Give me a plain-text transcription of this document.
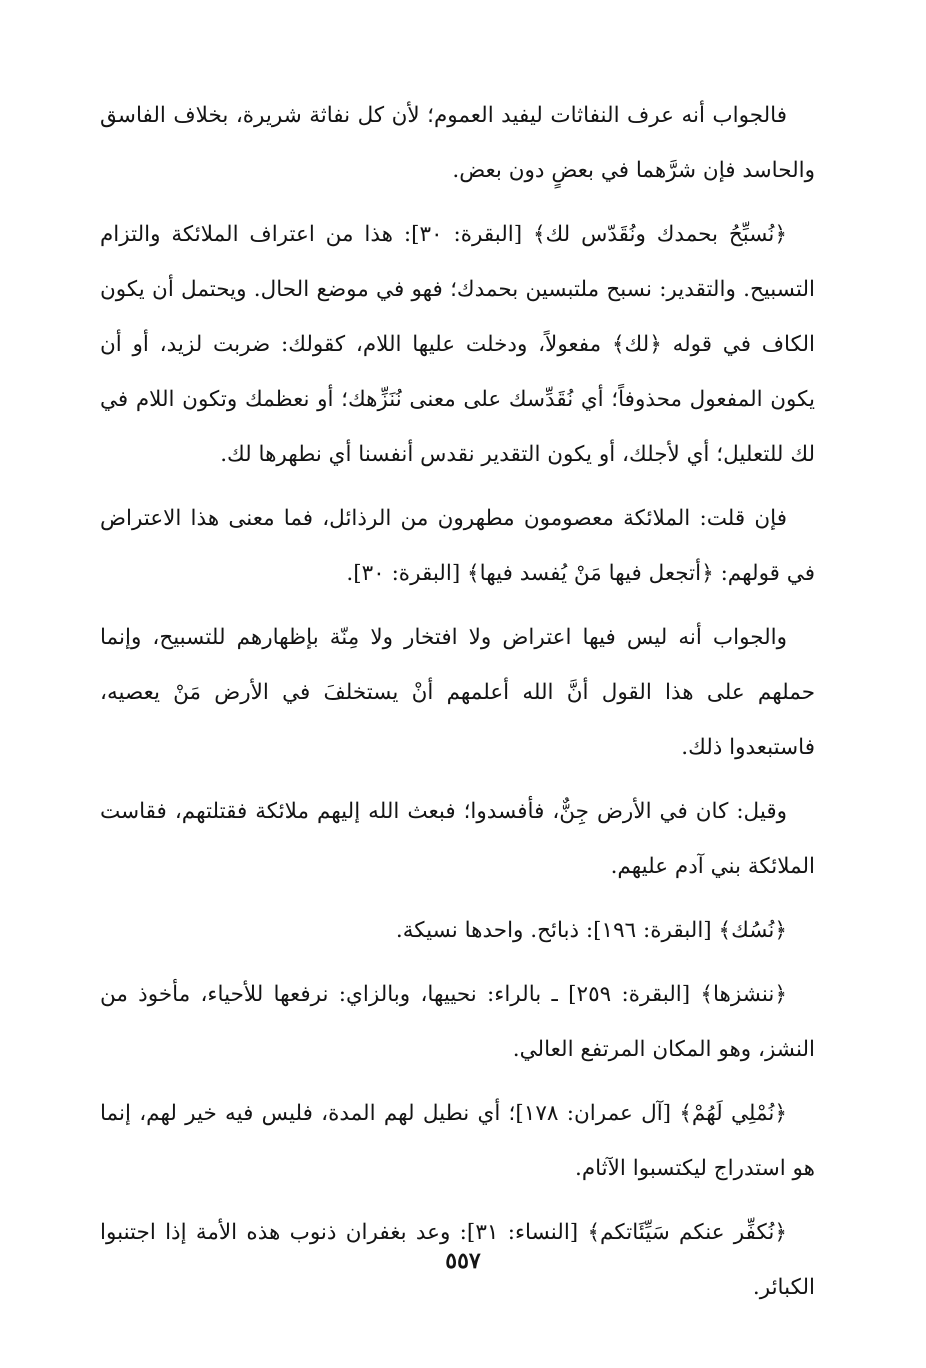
فالجواب أنه عرف النفاثات ليفيد العموم؛ لأن كل نفاثة شريرة، بخلاف الفاسق والحاسد فإن شرَّهما في بعضٍ دون بعض.

﴿نُسبِّحُ بحمدك ونُقَدّس لك﴾ [البقرة: ٣٠]: هذا من اعتراف الملائكة والتزام التسبيح. والتقدير: نسبح ملتبسين بحمدك؛ فهو في موضع الحال. ويحتمل أن يكون الكاف في قوله ﴿لك﴾ مفعولاً، ودخلت عليها اللام، كقولك: ضربت لزيد، أو أن يكون المفعول محذوفاً؛ أي نُقَدِّسك على معنى نُنَزِّهك؛ أو نعظمك وتكون اللام في لك للتعليل؛ أي لأجلك، أو يكون التقدير نقدس أنفسنا أي نطهرها لك.

فإن قلت: الملائكة معصومون مطهرون من الرذائل، فما معنى هذا الاعتراض في قولهم: ﴿أتجعل فيها مَنْ يُفسد فيها﴾ [البقرة: ٣٠].

والجواب أنه ليس فيها اعتراض ولا افتخار ولا مِنّة بإظهارهم للتسبيح، وإنما حملهم على هذا القول أنَّ الله أعلمهم أنْ يستخلفَ في الأرض مَنْ يعصيه، فاستبعدوا ذلك.

وقيل: كان في الأرض جِنٌّ، فأفسدوا؛ فبعث الله إليهم ملائكة فقتلتهم، فقاست الملائكة بني آدم عليهم.

﴿نُسُك﴾ [البقرة: ١٩٦]: ذبائح. واحدها نسيكة.

﴿ننشزها﴾ [البقرة: ٢٥٩] ـ بالراء: نحييها، وبالزاي: نرفعها للأحياء، مأخوذ من النشز، وهو المكان المرتفع العالي.

﴿نُمْلِي لَهُمْ﴾ [آل عمران: ١٧٨]؛ أي نطيل لهم المدة، فليس فيه خير لهم، إنما هو استدراج ليكتسبوا الآثام.

﴿نُكفِّر عنكم سَيِّئَاتكم﴾ [النساء: ٣١]: وعد بغفران ذنوب هذه الأمة إذا اجتنبوا الكبائر.

٥٥٧
